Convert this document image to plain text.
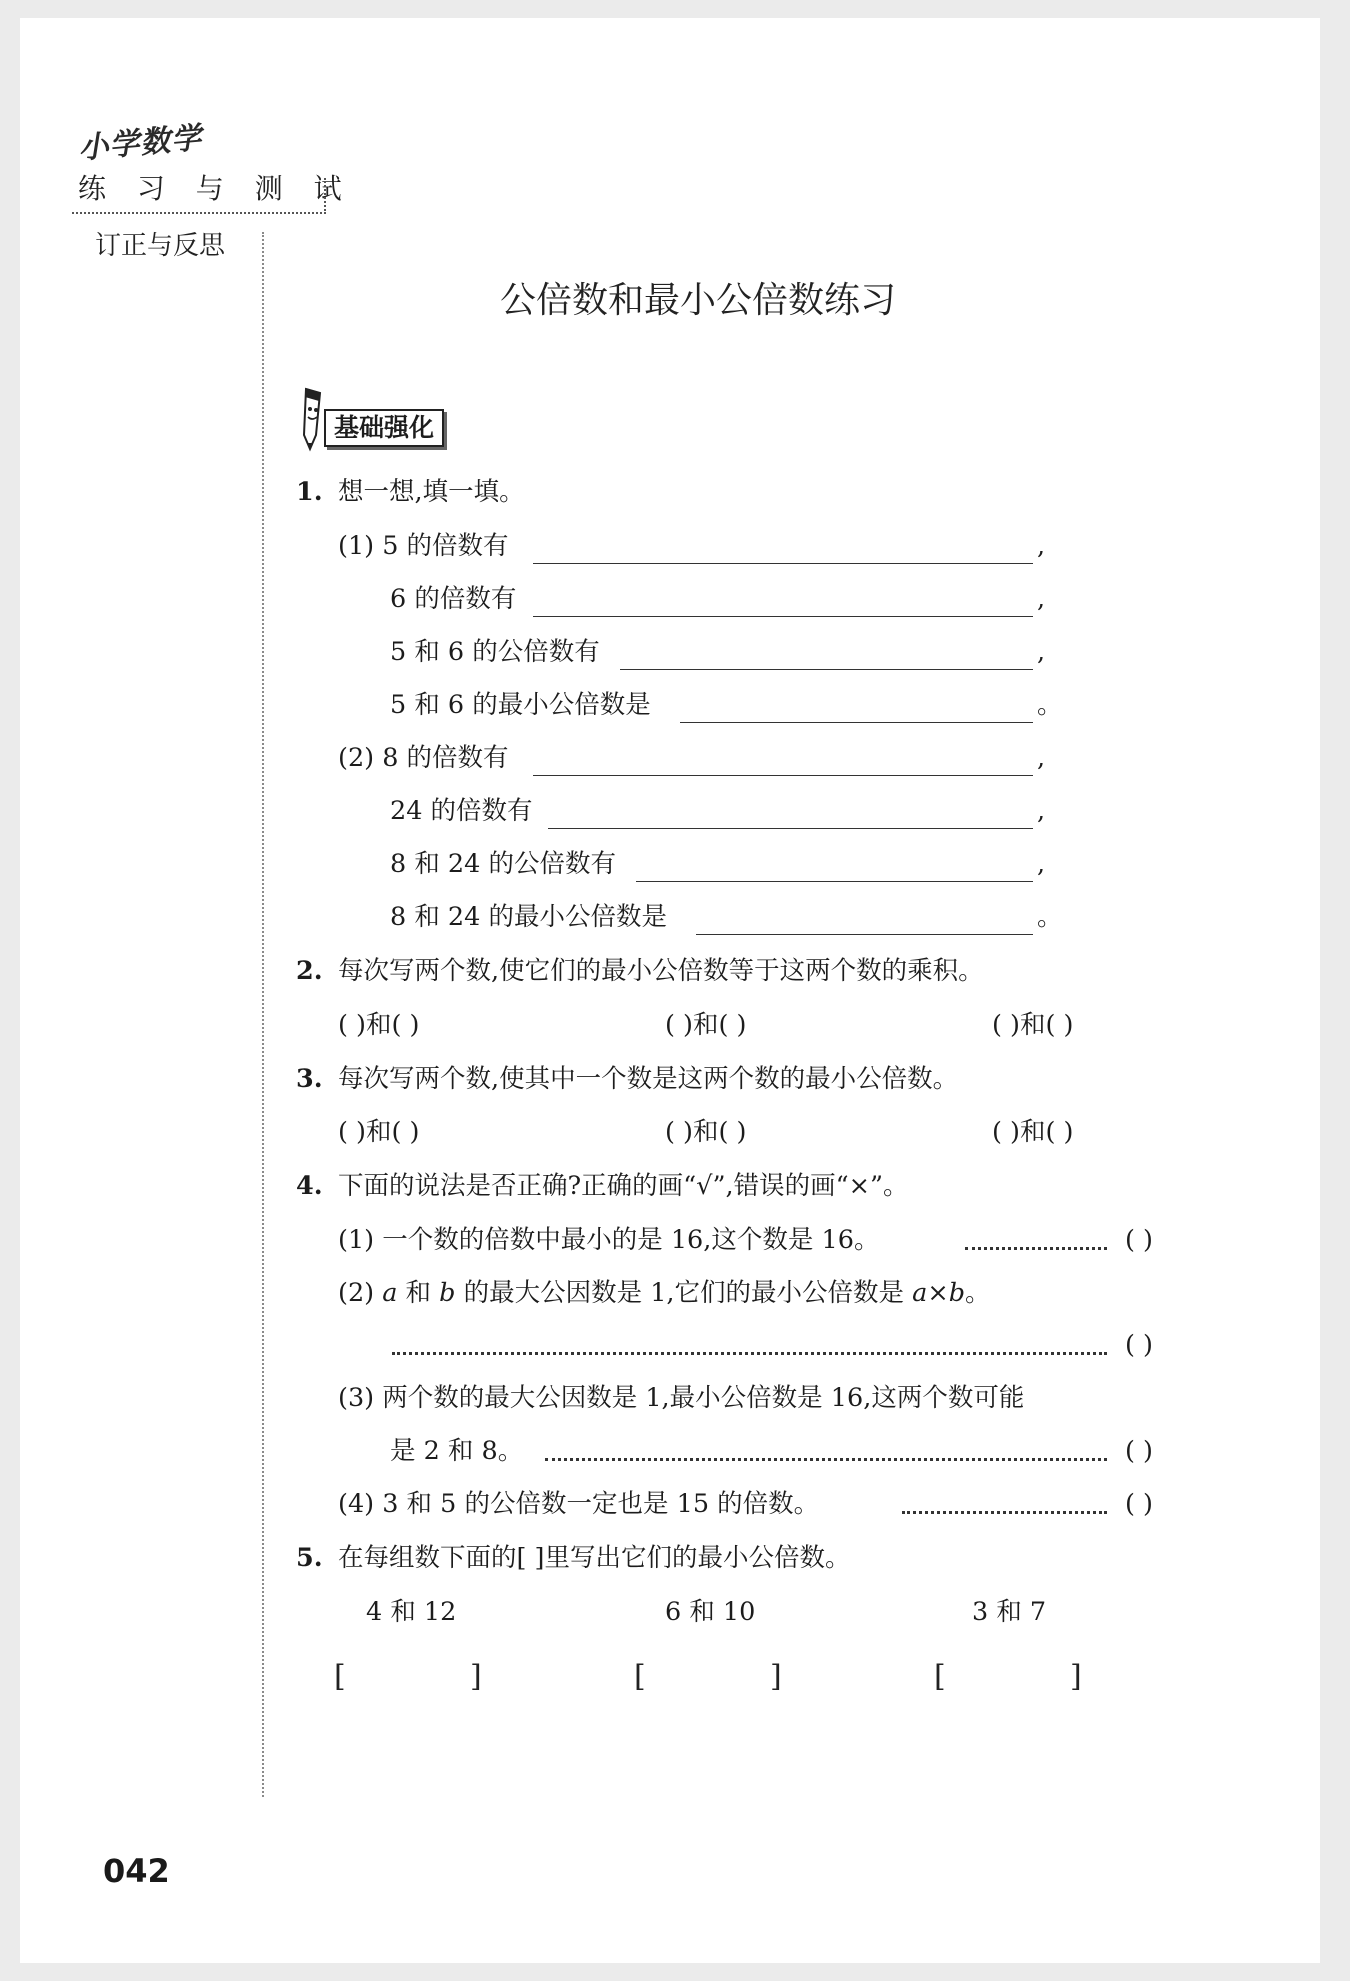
小学数学
练 习 与 测 试
订正与反思
公倍数和最小公倍数练习
基础强化
1. 想一想,填一填。
(1) 5 的倍数有	,
6 的倍数有	,
5 和 6 的公倍数有	,
5 和 6 的最小公倍数是	。
(2) 8 的倍数有	,
24 的倍数有	,
8 和 24 的公倍数有	,
8 和 24 的最小公倍数是	。
2. 每次写两个数,使它们的最小公倍数等于这两个数的乘积。
( )和( )	( )和( )	( )和( )
3. 每次写两个数,使其中一个数是这两个数的最小公倍数。
( )和( )	( )和( )	( )和( )
4. 下面的说法是否正确?正确的画“√”,错误的画“×”。
(1) 一个数的倍数中最小的是 16,这个数是 16。	( )
(2) a 和 b 的最大公因数是 1,它们的最小公倍数是 a×b。
( )
(3) 两个数的最大公因数是 1,最小公倍数是 16,这两个数可能
是 2 和 8。	( )
(4) 3 和 5 的公倍数一定也是 15 的倍数。	( )
5. 在每组数下面的[ ]里写出它们的最小公倍数。
4 和 12	6 和 10	3 和 7
[	]	[	]	[	]
042
